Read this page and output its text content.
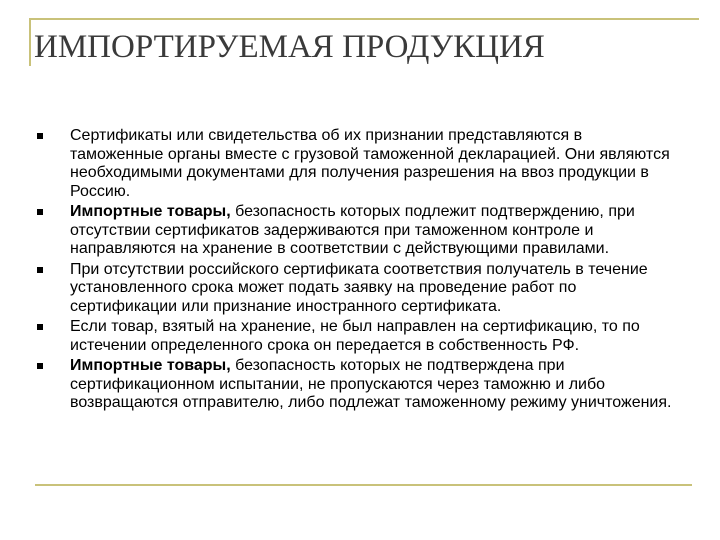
ИМПОРТИРУЕМАЯ ПРОДУКЦИЯ
Сертификаты или свидетельства об их признании представляются в таможенные органы вместе с грузовой таможенной декларацией. Они являются необходимыми документами для получения разрешения на ввоз продукции в Россию.
Импортные товары, безопасность которых подлежит подтверждению, при отсутствии сертификатов задерживаются при таможенном контроле и направляются на хранение в соответствии с действующими правилами.
При отсутствии российского сертификата соответствия получатель в течение установленного срока может подать заявку на проведение работ по сертификации или признание иностранного сертификата.
Если товар, взятый на хранение, не был направлен на сертификацию, то по истечении определенного срока он передается в собственность РФ.
Импортные товары, безопасность которых не подтверждена при сертификационном испытании, не пропускаются через таможню и либо возвращаются отправителю, либо подлежат таможенному режиму уничтожения.
